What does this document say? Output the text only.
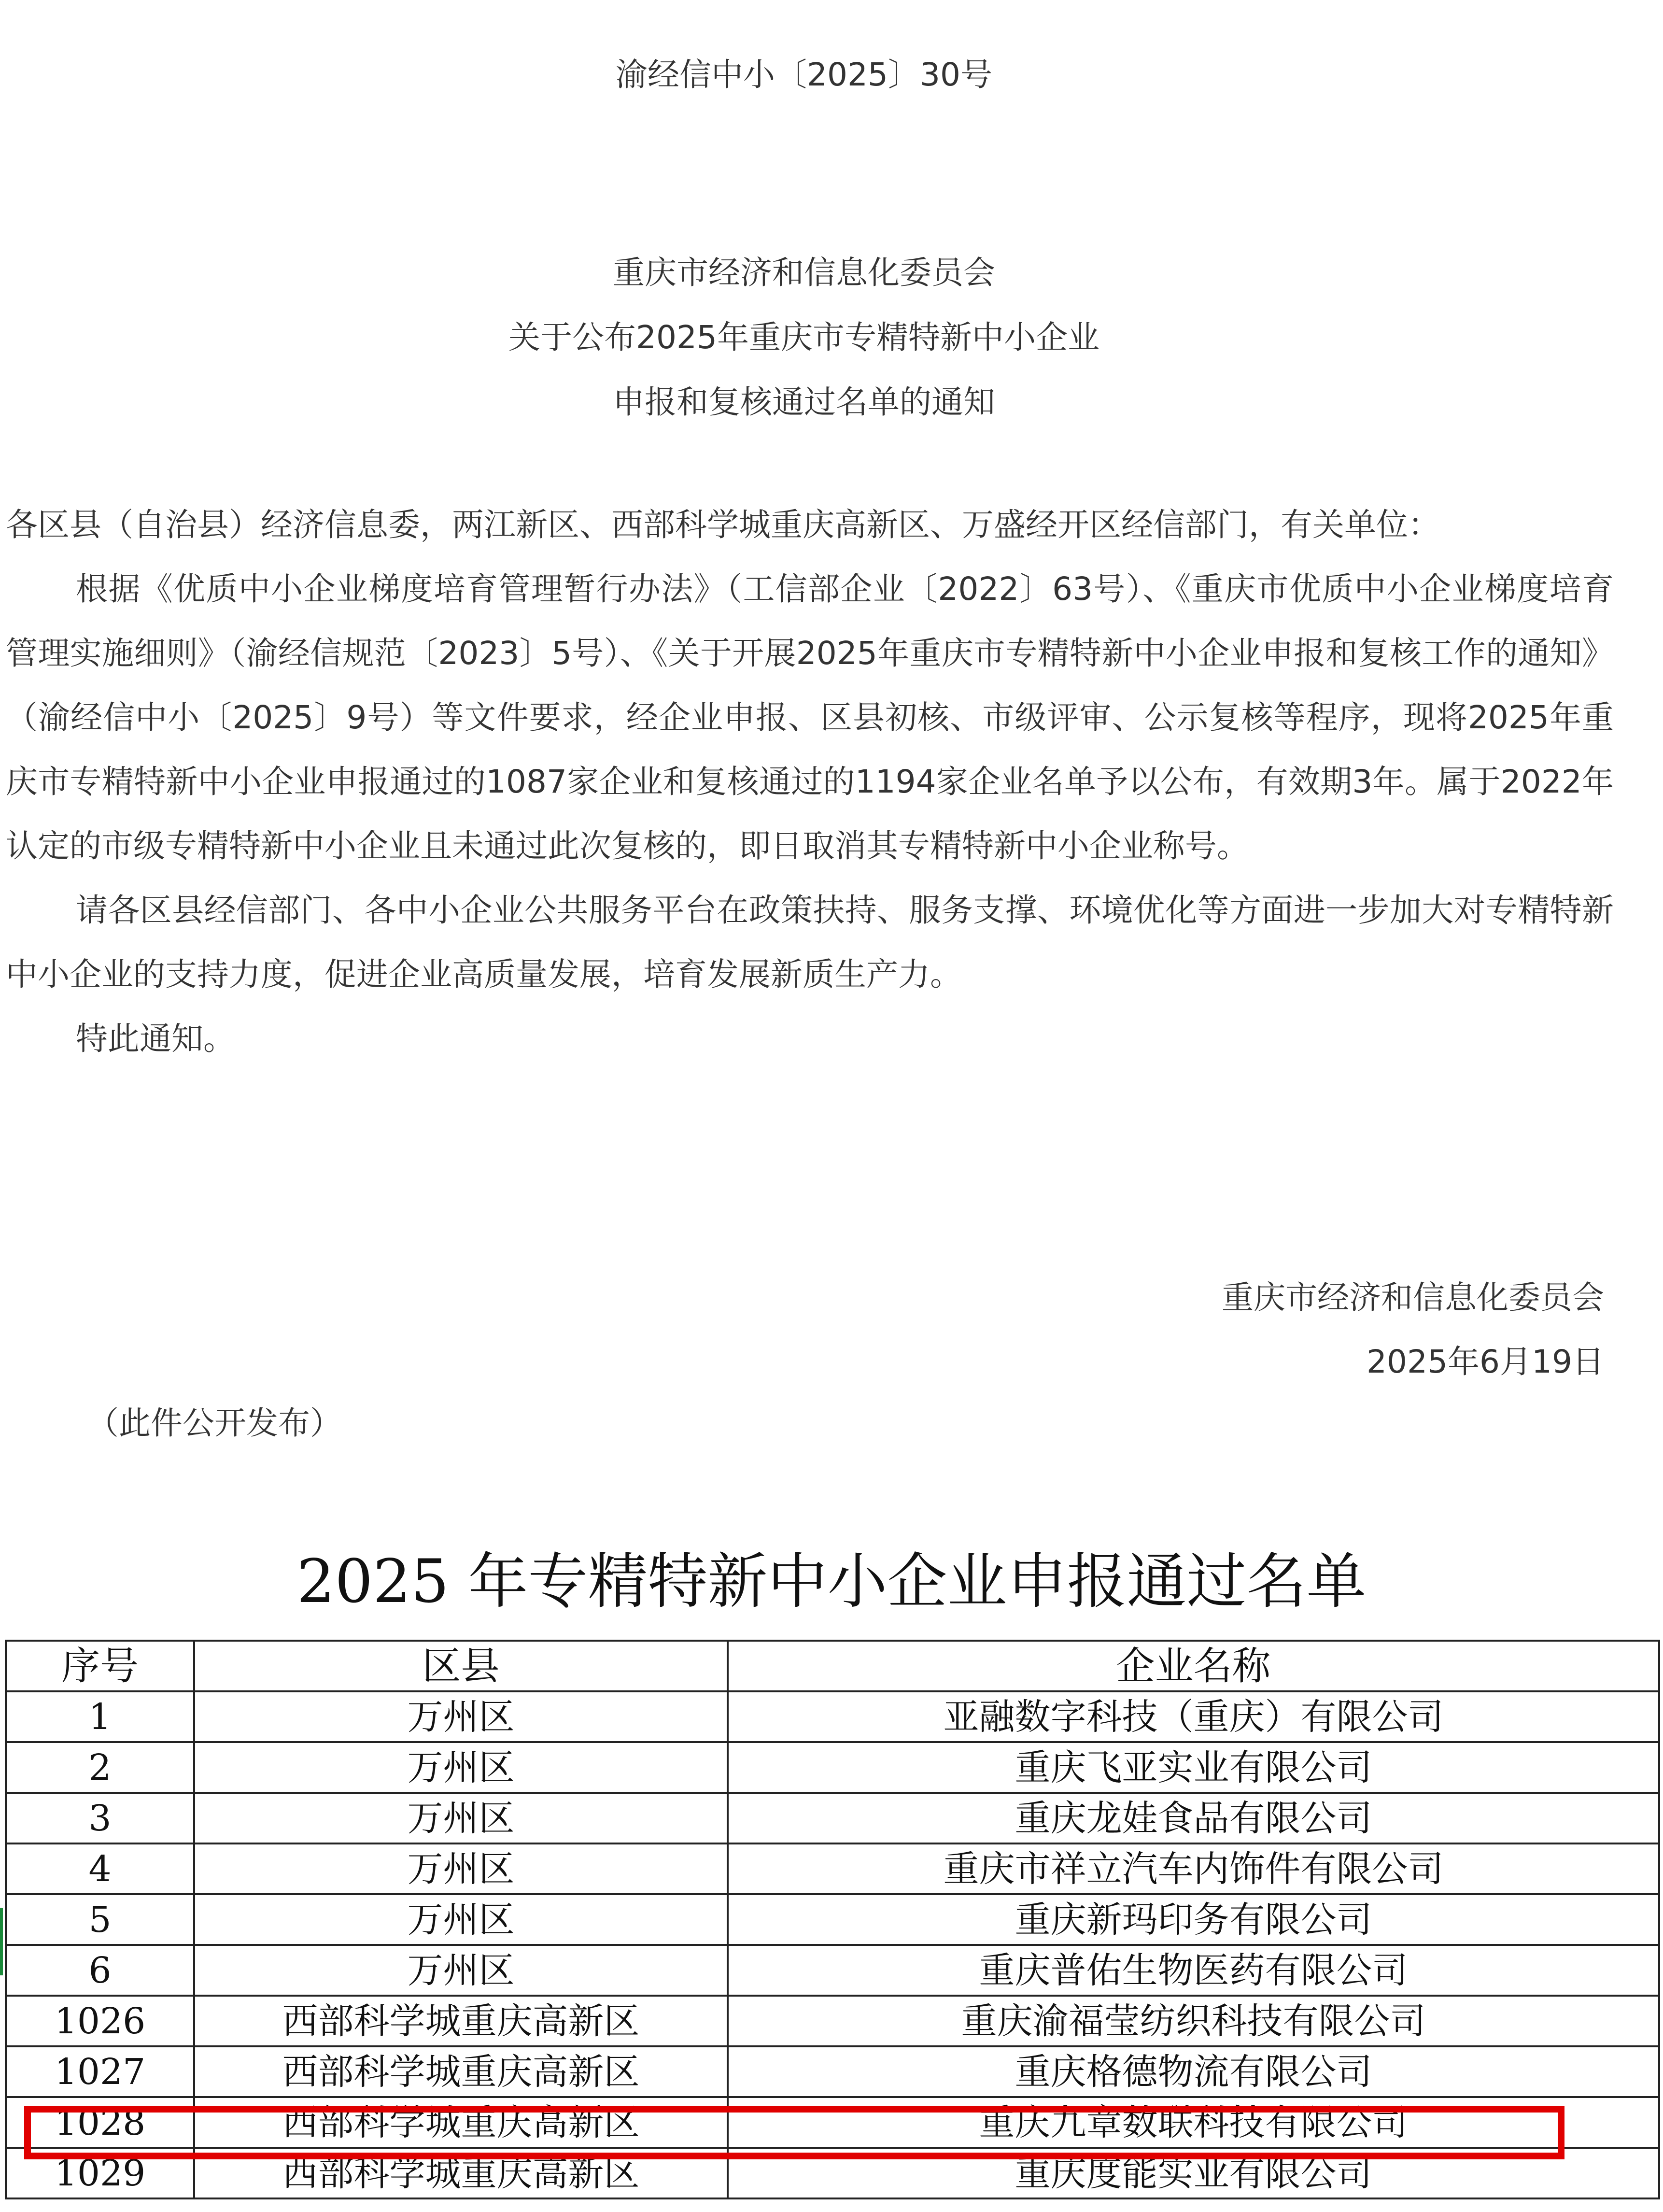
渝经信中小〔2025〕30号
重庆市经济和信息化委员会
关于公布2025年重庆市专精特新中小企业
申报和复核通过名单的通知

各区县（自治县）经济信息委，两江新区、西部科学城重庆高新区、万盛经开区经信部门，有关单位：

根据《优质中小企业梯度培育管理暂行办法》（工信部企业〔2022〕63号）、《重庆市优质中小企业梯度培育管理实施细则》（渝经信规范〔2023〕5号）、《关于开展2025年重庆市专精特新中小企业申报和复核工作的通知》（渝经信中小〔2025〕9号）等文件要求，经企业申报、区县初核、市级评审、公示复核等程序，现将2025年重庆市专精特新中小企业申报通过的1087家企业和复核通过的1194家企业名单予以公布，有效期3年。属于2022年认定的市级专精特新中小企业且未通过此次复核的，即日取消其专精特新中小企业称号。

请各区县经信部门、各中小企业公共服务平台在政策扶持、服务支撑、环境优化等方面进一步加大对专精特新中小企业的支持力度，促进企业高质量发展，培育发展新质生产力。

特此通知。

重庆市经济和信息化委员会
2025年6月19日
（此件公开发布）
2025 年专精特新中小企业申报通过名单
序号	区县	企业名称
1	万州区	亚融数字科技（重庆）有限公司
2	万州区	重庆飞亚实业有限公司
3	万州区	重庆龙娃食品有限公司
4	万州区	重庆市祥立汽车内饰件有限公司
5	万州区	重庆新玛印务有限公司
6	万州区	重庆普佑生物医药有限公司
1026	西部科学城重庆高新区	重庆渝福莹纺织科技有限公司
1027	西部科学城重庆高新区	重庆格德物流有限公司
1028	西部科学城重庆高新区	重庆九章数联科技有限公司
1029	西部科学城重庆高新区	重庆度能实业有限公司
